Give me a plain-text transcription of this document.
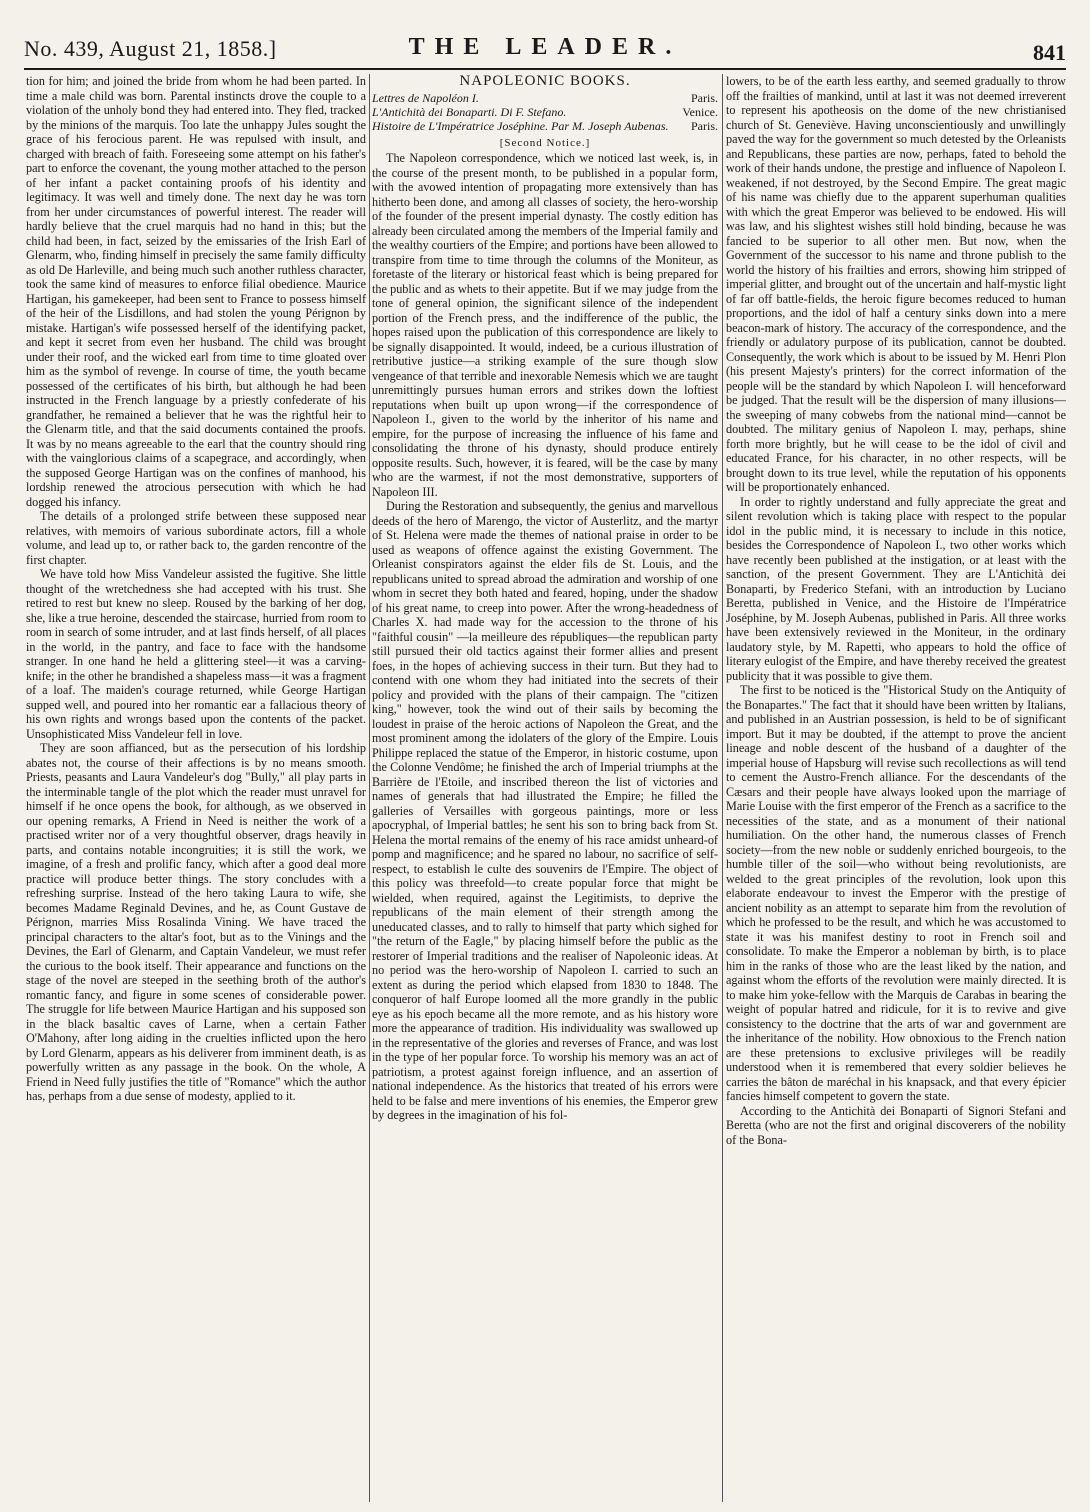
No. 439, August 21, 1858.]	THE LEADER.	841

tion for him; and joined the bride from whom he had been parted. In time a male child was born. Parental instincts drove the couple to a violation of the unholy bond they had entered into. They fled, tracked by the minions of the marquis. Too late the unhappy Jules sought the grace of his ferocious parent. He was repulsed with insult, and charged with breach of faith. Foreseeing some attempt on his father's part to enforce the covenant, the young mother attached to the person of her infant a packet containing proofs of his identity and legitimacy. It was well and timely done. The next day he was torn from her under circumstances of powerful interest. The reader will hardly believe that the cruel marquis had no hand in this; but the child had been, in fact, seized by the emissaries of the Irish Earl of Glenarm, who, finding himself in precisely the same family difficulty as old De Harleville, and being much such another ruthless character, took the same kind of measures to enforce filial obedience. Maurice Hartigan, his gamekeeper, had been sent to France to possess himself of the heir of the Lisdillons, and had stolen the young Pérignon by mistake. Hartigan's wife possessed herself of the identifying packet, and kept it secret from even her husband. The child was brought under their roof, and the wicked earl from time to time gloated over him as the symbol of revenge. In course of time, the youth became possessed of the certificates of his birth, but although he had been instructed in the French language by a priestly confederate of his grandfather, he remained a believer that he was the rightful heir to the Glenarm title, and that the said documents contained the proofs. It was by no means agreeable to the earl that the country should ring with the vainglorious claims of a scapegrace, and accordingly, when the supposed George Hartigan was on the confines of manhood, his lordship renewed the atrocious persecution with which he had dogged his infancy.

The details of a prolonged strife between these supposed near relatives, with memoirs of various subordinate actors, fill a whole volume, and lead up to, or rather back to, the garden rencontre of the first chapter.

We have told how Miss Vandeleur assisted the fugitive. She little thought of the wretchedness she had accepted with his trust. She retired to rest but knew no sleep. Roused by the barking of her dog, she, like a true heroine, descended the staircase, hurried from room to room in search of some intruder, and at last finds herself, of all places in the world, in the pantry, and face to face with the handsome stranger. In one hand he held a glittering steel—it was a carving-knife; in the other he brandished a shapeless mass—it was a fragment of a loaf. The maiden's courage returned, while George Hartigan supped well, and poured into her romantic ear a fallacious theory of his own rights and wrongs based upon the contents of the packet. Unsophisticated Miss Vandeleur fell in love.

They are soon affianced, but as the persecution of his lordship abates not, the course of their affections is by no means smooth. Priests, peasants and Laura Vandeleur's dog "Bully," all play parts in the interminable tangle of the plot which the reader must unravel for himself if he once opens the book, for although, as we observed in our opening remarks, A Friend in Need is neither the work of a practised writer nor of a very thoughtful observer, drags heavily in parts, and contains notable incongruities; it is still the work, we imagine, of a fresh and prolific fancy, which after a good deal more practice will produce better things. The story concludes with a refreshing surprise. Instead of the hero taking Laura to wife, she becomes Madame Reginald Devines, and he, as Count Gustave de Pérignon, marries Miss Rosalinda Vining. We have traced the principal characters to the altar's foot, but as to the Vinings and the Devines, the Earl of Glenarm, and Captain Vandeleur, we must refer the curious to the book itself. Their appearance and functions on the stage of the novel are steeped in the seething broth of the author's romantic fancy, and figure in some scenes of considerable power. The struggle for life between Maurice Hartigan and his supposed son in the black basaltic caves of Larne, when a certain Father O'Mahony, after long aiding in the cruelties inflicted upon the hero by Lord Glenarm, appears as his deliverer from imminent death, is as powerfully written as any passage in the book. On the whole, A Friend in Need fully justifies the title of "Romance" which the author has, perhaps from a due sense of modesty, applied to it.

NAPOLEONIC BOOKS.
Lettres de Napoléon I.	Paris.
L'Antichità dei Bonaparti. Di F. Stefano.	Venice.
Histoire de L'Impératrice Joséphine. Par M. Joseph Aubenas. Paris.
[Second Notice.]

The Napoleon correspondence, which we noticed last week, is, in the course of the present month, to be published in a popular form, with the avowed intention of propagating more extensively than has hitherto been done, and among all classes of society, the hero-worship of the founder of the present imperial dynasty. The costly edition has already been circulated among the members of the Imperial family and the wealthy courtiers of the Empire; and portions have been allowed to transpire from time to time through the columns of the Moniteur, as foretaste of the literary or historical feast which is being prepared for the public and as whets to their appetite. But if we may judge from the tone of general opinion, the significant silence of the independent portion of the French press, and the indifference of the public, the hopes raised upon the publication of this correspondence are likely to be signally disappointed. It would, indeed, be a curious illustration of retributive justice—a striking example of the sure though slow vengeance of that terrible and inexorable Nemesis which we are taught unremittingly pursues human errors and strikes down the loftiest reputations when built up upon wrong—if the correspondence of Napoleon I., given to the world by the inheritor of his name and empire, for the purpose of increasing the influence of his fame and consolidating the throne of his dynasty, should produce entirely opposite results. Such, however, it is feared, will be the case by many who are the warmest, if not the most demonstrative, supporters of Napoleon III.

During the Restoration and subsequently, the genius and marvellous deeds of the hero of Marengo, the victor of Austerlitz, and the martyr of St. Helena were made the themes of national praise in order to be used as weapons of offence against the existing Government. The Orleanist conspirators against the elder fils de St. Louis, and the republicans united to spread abroad the admiration and worship of one whom in secret they both hated and feared, hoping, under the shadow of his great name, to creep into power. After the wrong-headedness of Charles X. had made way for the accession to the throne of his "faithful cousin" —la meilleure des républiques—the republican party still pursued their old tactics against their former allies and present foes, in the hopes of achieving success in their turn. But they had to contend with one whom they had initiated into the secrets of their policy and provided with the plans of their campaign. The "citizen king," however, took the wind out of their sails by becoming the loudest in praise of the heroic actions of Napoleon the Great, and the most prominent among the idolaters of the glory of the Empire. Louis Philippe replaced the statue of the Emperor, in historic costume, upon the Colonne Vendôme; he finished the arch of Imperial triumphs at the Barrière de l'Etoile, and inscribed thereon the list of victories and names of generals that had illustrated the Empire; he filled the galleries of Versailles with gorgeous paintings, more or less apocryphal, of Imperial battles; he sent his son to bring back from St. Helena the mortal remains of the enemy of his race amidst unheard-of pomp and magnificence; and he spared no labour, no sacrifice of self-respect, to establish le culte des souvenirs de l'Empire. The object of this policy was threefold—to create popular force that might be wielded, when required, against the Legitimists, to deprive the republicans of the main element of their strength among the uneducated classes, and to rally to himself that party which sighed for "the return of the Eagle," by placing himself before the public as the restorer of Imperial traditions and the realiser of Napoleonic ideas. At no period was the hero-worship of Napoleon I. carried to such an extent as during the period which elapsed from 1830 to 1848. The conqueror of half Europe loomed all the more grandly in the public eye as his epoch became all the more remote, and as his history wore more the appearance of tradition. His individuality was swallowed up in the representative of the glories and reverses of France, and was lost in the type of her popular force. To worship his memory was an act of patriotism, a protest against foreign influence, and an assertion of national independence. As the historics that treated of his errors were held to be false and mere inventions of his enemies, the Emperor grew by degrees in the imagination of his fol-

lowers, to be of the earth less earthy, and seemed gradually to throw off the frailties of mankind, until at last it was not deemed irreverent to represent his apotheosis on the dome of the new christianised church of St. Geneviève. Having unconscientiously and unwillingly paved the way for the government so much detested by the Orleanists and Republicans, these parties are now, perhaps, fated to behold the work of their hands undone, the prestige and influence of Napoleon I. weakened, if not destroyed, by the Second Empire. The great magic of his name was chiefly due to the apparent superhuman qualities with which the great Emperor was believed to be endowed. His will was law, and his slightest wishes still hold binding, because he was fancied to be superior to all other men. But now, when the Government of the successor to his name and throne publish to the world the history of his frailties and errors, showing him stripped of imperial glitter, and brought out of the uncertain and half-mystic light of far off battle-fields, the heroic figure becomes reduced to human proportions, and the idol of half a century sinks down into a mere beacon-mark of history. The accuracy of the correspondence, and the friendly or adulatory purpose of its publication, cannot be doubted. Consequently, the work which is about to be issued by M. Henri Plon (his present Majesty's printers) for the correct information of the people will be the standard by which Napoleon I. will henceforward be judged. That the result will be the dispersion of many illusions—the sweeping of many cobwebs from the national mind—cannot be doubted. The military genius of Napoleon I. may, perhaps, shine forth more brightly, but he will cease to be the idol of civil and educated France, for his character, in no other respects, will be brought down to its true level, while the reputation of his opponents will be proportionately enhanced.

In order to rightly understand and fully appreciate the great and silent revolution which is taking place with respect to the popular idol in the public mind, it is necessary to include in this notice, besides the Correspondence of Napoleon I., two other works which have recently been published at the instigation, or at least with the sanction, of the present Government. They are L'Antichità dei Bonaparti, by Frederico Stefani, with an introduction by Luciano Beretta, published in Venice, and the Histoire de l'Impératrice Joséphine, by M. Joseph Aubenas, published in Paris. All three works have been extensively reviewed in the Moniteur, in the ordinary laudatory style, by M. Rapetti, who appears to hold the office of literary eulogist of the Empire, and have thereby received the greatest publicity that it was possible to give them.

The first to be noticed is the "Historical Study on the Antiquity of the Bonapartes." The fact that it should have been written by Italians, and published in an Austrian possession, is held to be of significant import. But it may be doubted, if the attempt to prove the ancient lineage and noble descent of the husband of a daughter of the imperial house of Hapsburg will revise such recollections as will tend to cement the Austro-French alliance. For the descendants of the Cæsars and their people have always looked upon the marriage of Marie Louise with the first emperor of the French as a sacrifice to the necessities of the state, and as a monument of their national humiliation. On the other hand, the numerous classes of French society—from the new noble or suddenly enriched bourgeois, to the humble tiller of the soil—who without being revolutionists, are welded to the great principles of the revolution, look upon this elaborate endeavour to invest the Emperor with the prestige of ancient nobility as an attempt to separate him from the revolution of which he professed to be the result, and which he was accustomed to state it was his manifest destiny to root in French soil and consolidate. To make the Emperor a nobleman by birth, is to place him in the ranks of those who are the least liked by the nation, and against whom the efforts of the revolution were mainly directed. It is to make him yoke-fellow with the Marquis de Carabas in bearing the weight of popular hatred and ridicule, for it is to revive and give consistency to the doctrine that the arts of war and government are the inheritance of the nobility. How obnoxious to the French nation are these pretensions to exclusive privileges will be readily understood when it is remembered that every soldier believes he carries the bâton de maréchal in his knapsack, and that every épicier fancies himself competent to govern the state.

According to the Antichità dei Bonaparti of Signori Stefani and Beretta (who are not the first and original discoverers of the nobility of the Bona-
